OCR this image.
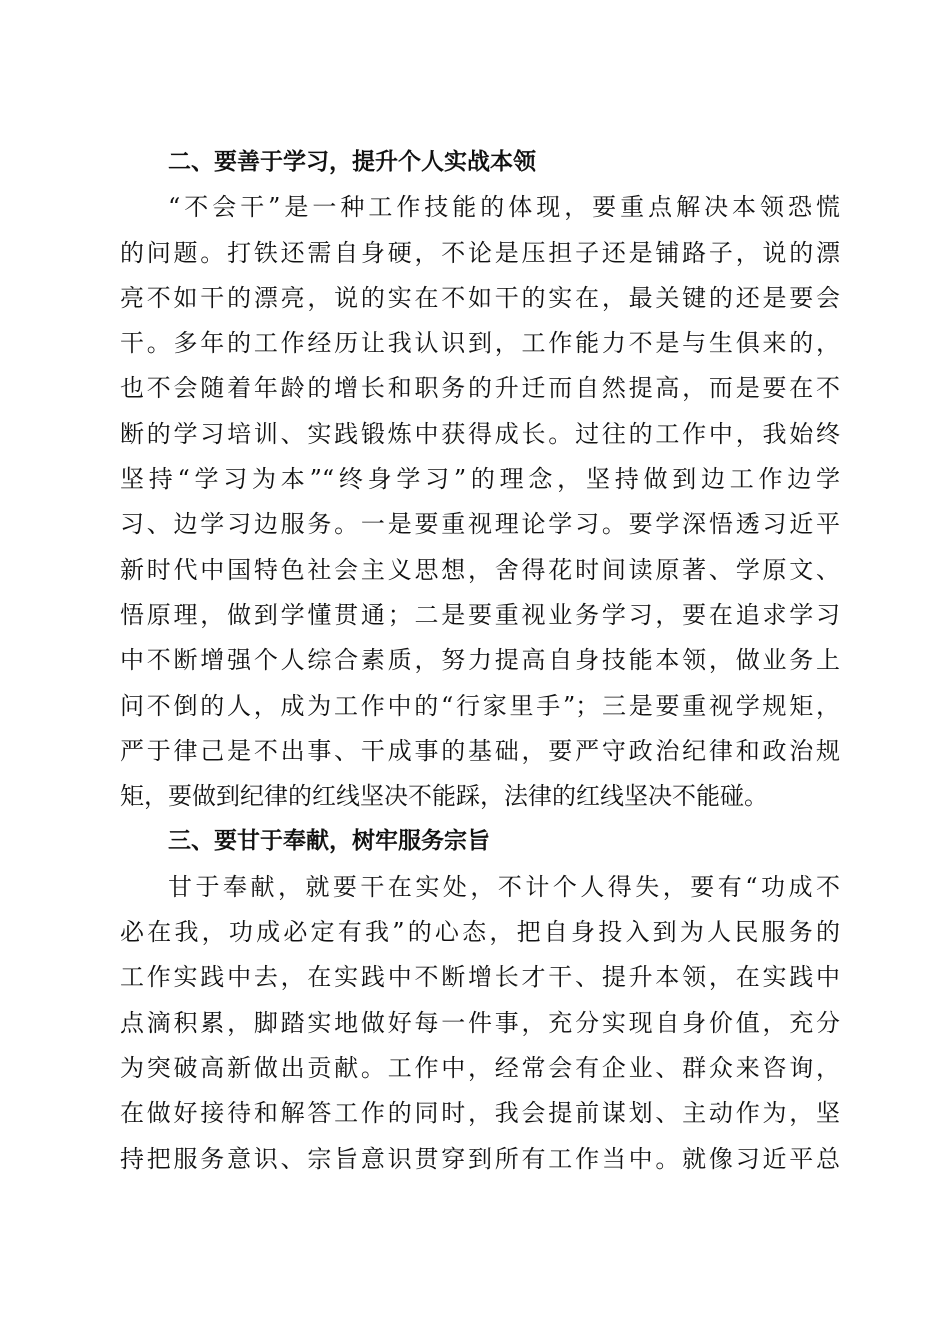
二、要善于学习，提升个人实战本领
“不会干”是一种工作技能的体现，要重点解决本领恐慌
的问题。打铁还需自身硬，不论是压担子还是铺路子，说的漂
亮不如干的漂亮，说的实在不如干的实在，最关键的还是要会
干。多年的工作经历让我认识到，工作能力不是与生俱来的，
也不会随着年龄的增长和职务的升迁而自然提高，而是要在不
断的学习培训、实践锻炼中获得成长。过往的工作中，我始终
坚持“学习为本”“终身学习”的理念，坚持做到边工作边学
习、边学习边服务。一是要重视理论学习。要学深悟透习近平
新时代中国特色社会主义思想，舍得花时间读原著、学原文、
悟原理，做到学懂贯通；二是要重视业务学习，要在追求学习
中不断增强个人综合素质，努力提高自身技能本领，做业务上
问不倒的人，成为工作中的“行家里手”；三是要重视学规矩，
严于律己是不出事、干成事的基础，要严守政治纪律和政治规
矩，要做到纪律的红线坚决不能踩，法律的红线坚决不能碰。
三、要甘于奉献，树牢服务宗旨
甘于奉献，就要干在实处，不计个人得失，要有“功成不
必在我，功成必定有我”的心态，把自身投入到为人民服务的
工作实践中去，在实践中不断增长才干、提升本领，在实践中
点滴积累，脚踏实地做好每一件事，充分实现自身价值，充分
为突破高新做出贡献。工作中，经常会有企业、群众来咨询，
在做好接待和解答工作的同时，我会提前谋划、主动作为，坚
持把服务意识、宗旨意识贯穿到所有工作当中。就像习近平总
